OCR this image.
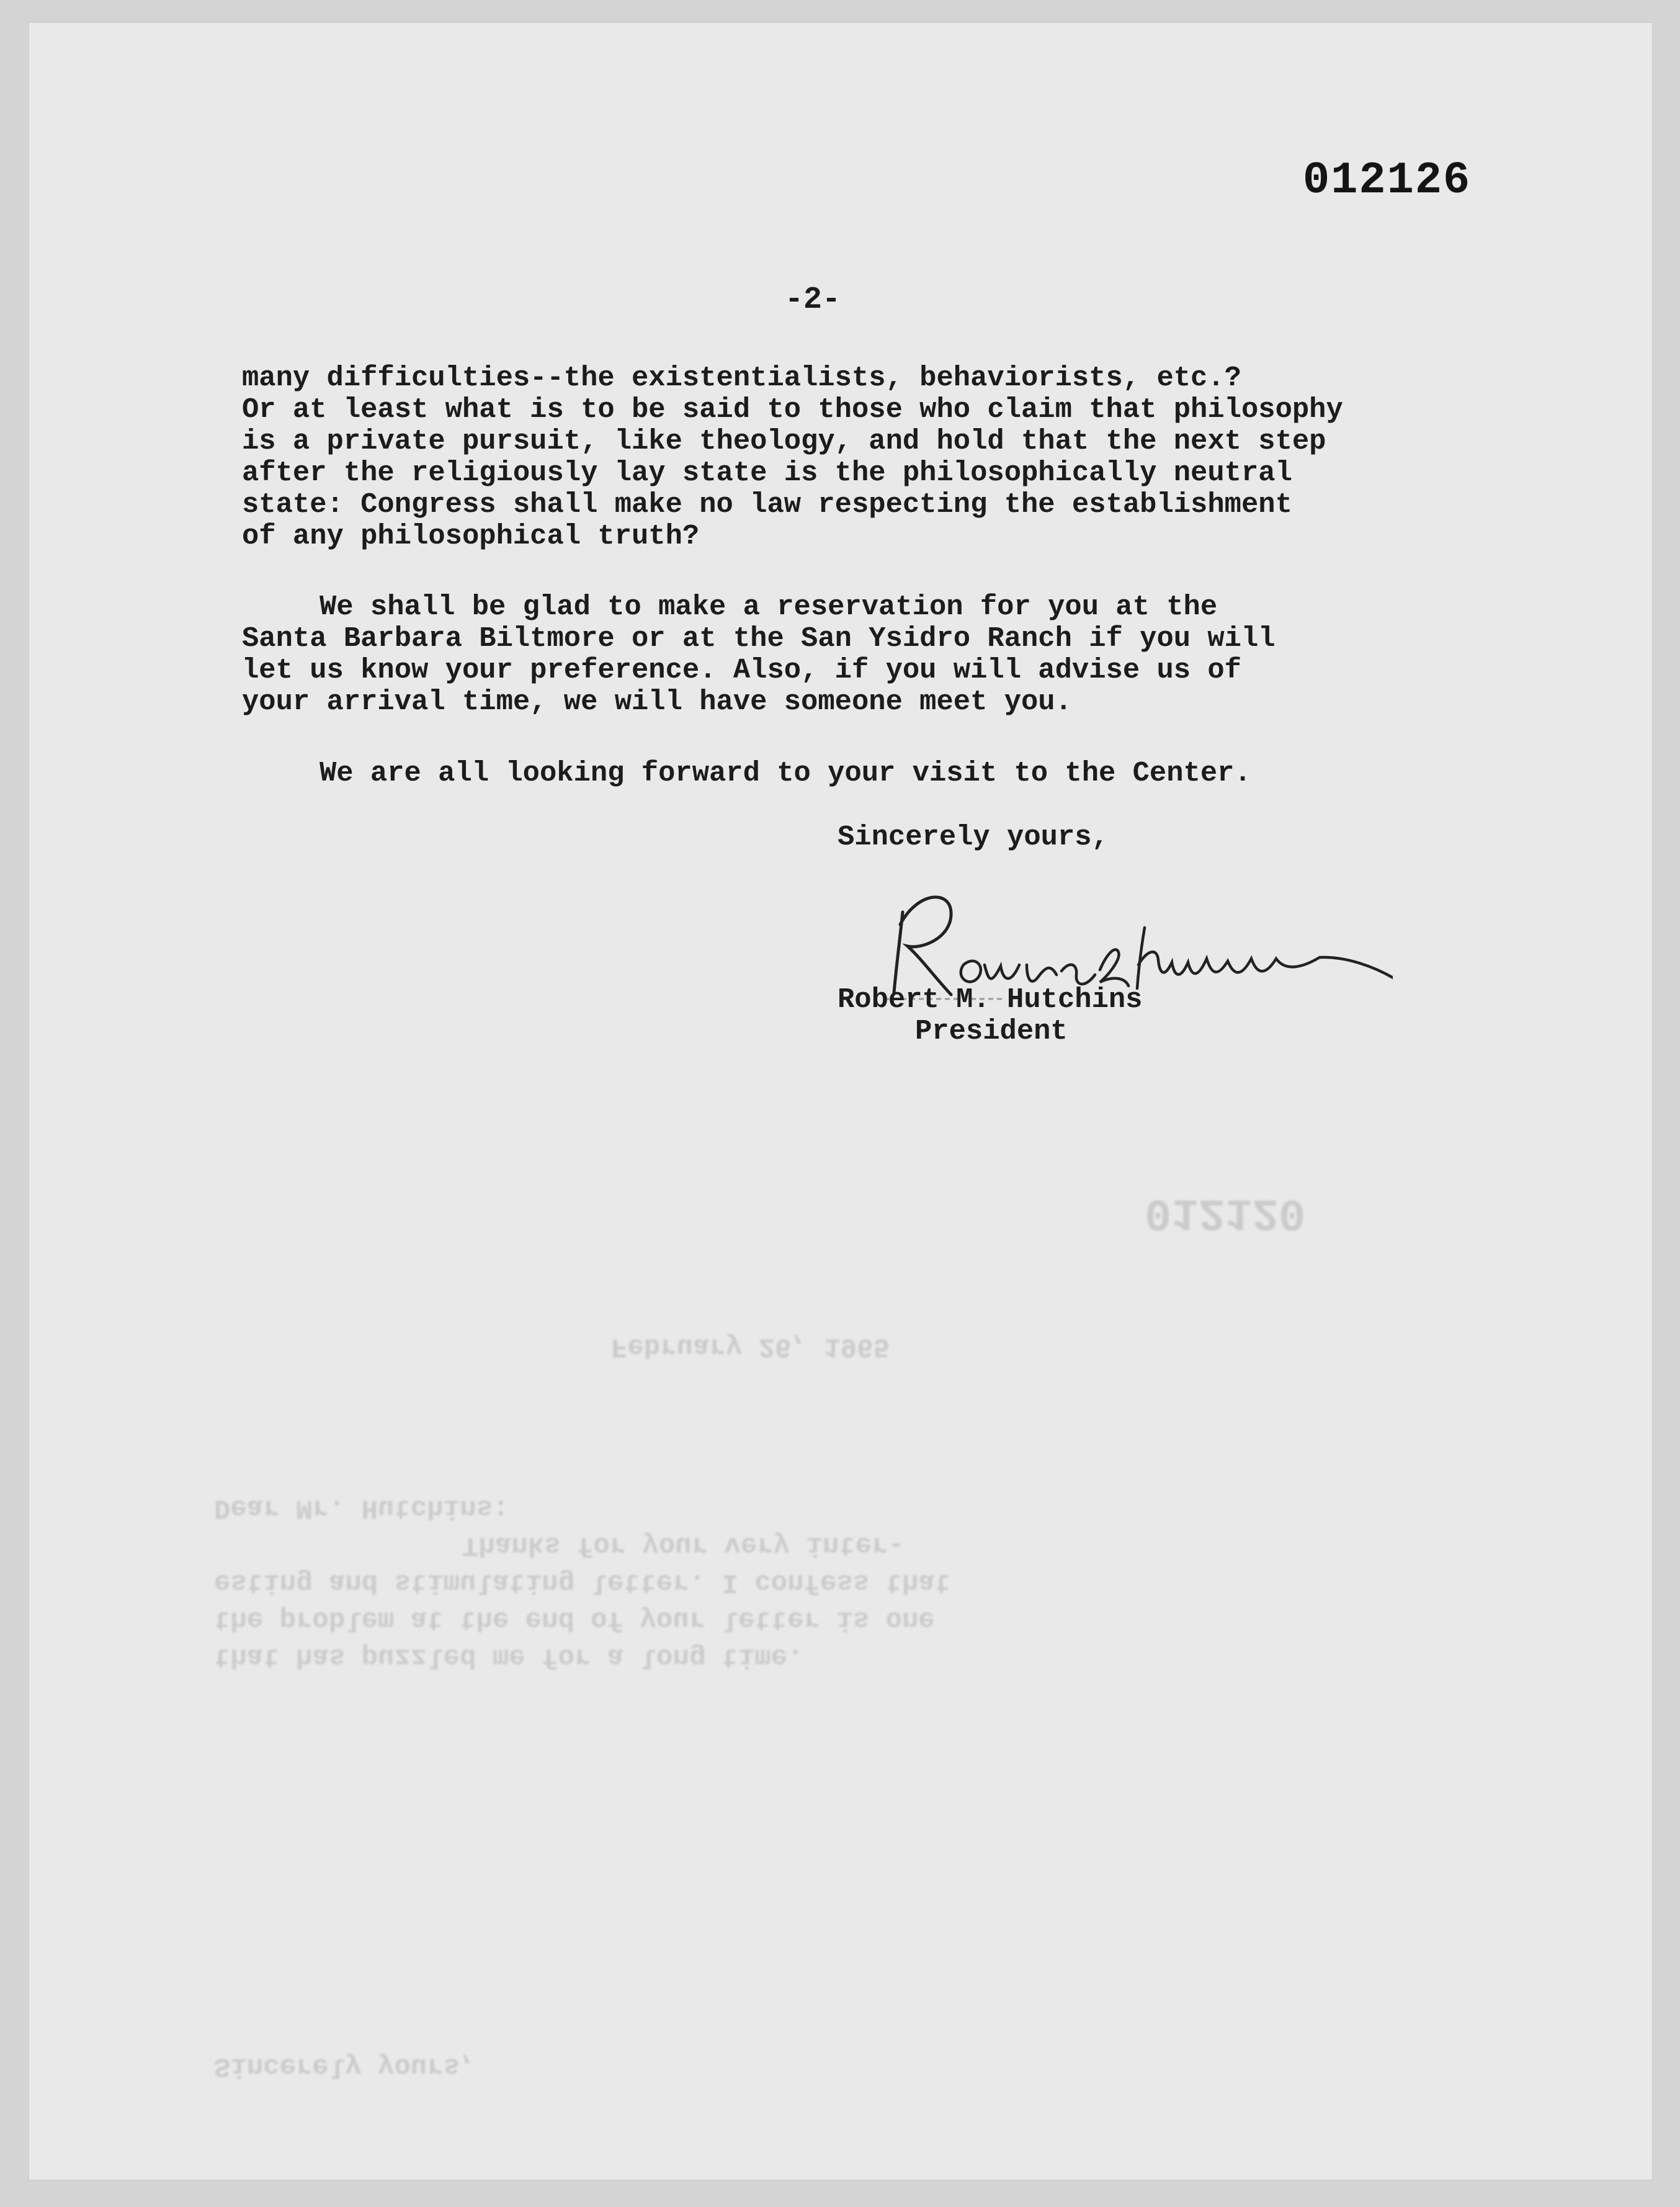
012126
-2-
many difficulties--the existentialists, behaviorists, etc.?
Or at least what is to be said to those who claim that philosophy
is a private pursuit, like theology, and hold that the next step
after the religiously lay state is the philosophically neutral
state: Congress shall make no law respecting the establishment
of any philosophical truth?
We shall be glad to make a reservation for you at the
Santa Barbara Biltmore or at the San Ysidro Ranch if you will
let us know your preference. Also, if you will advise us of
your arrival time, we will have someone meet you.
We are all looking forward to your visit to the Center.
Sincerely yours,
Robert M. Hutchins
President
Sincerely yours,
that has puzzled me for a long time.
the problem at the end of your letter is one
esting and stimulating letter. I confess that
Thanks for your very inter-
Dear Mr. Hutchins:
February 26, 1965
012120
